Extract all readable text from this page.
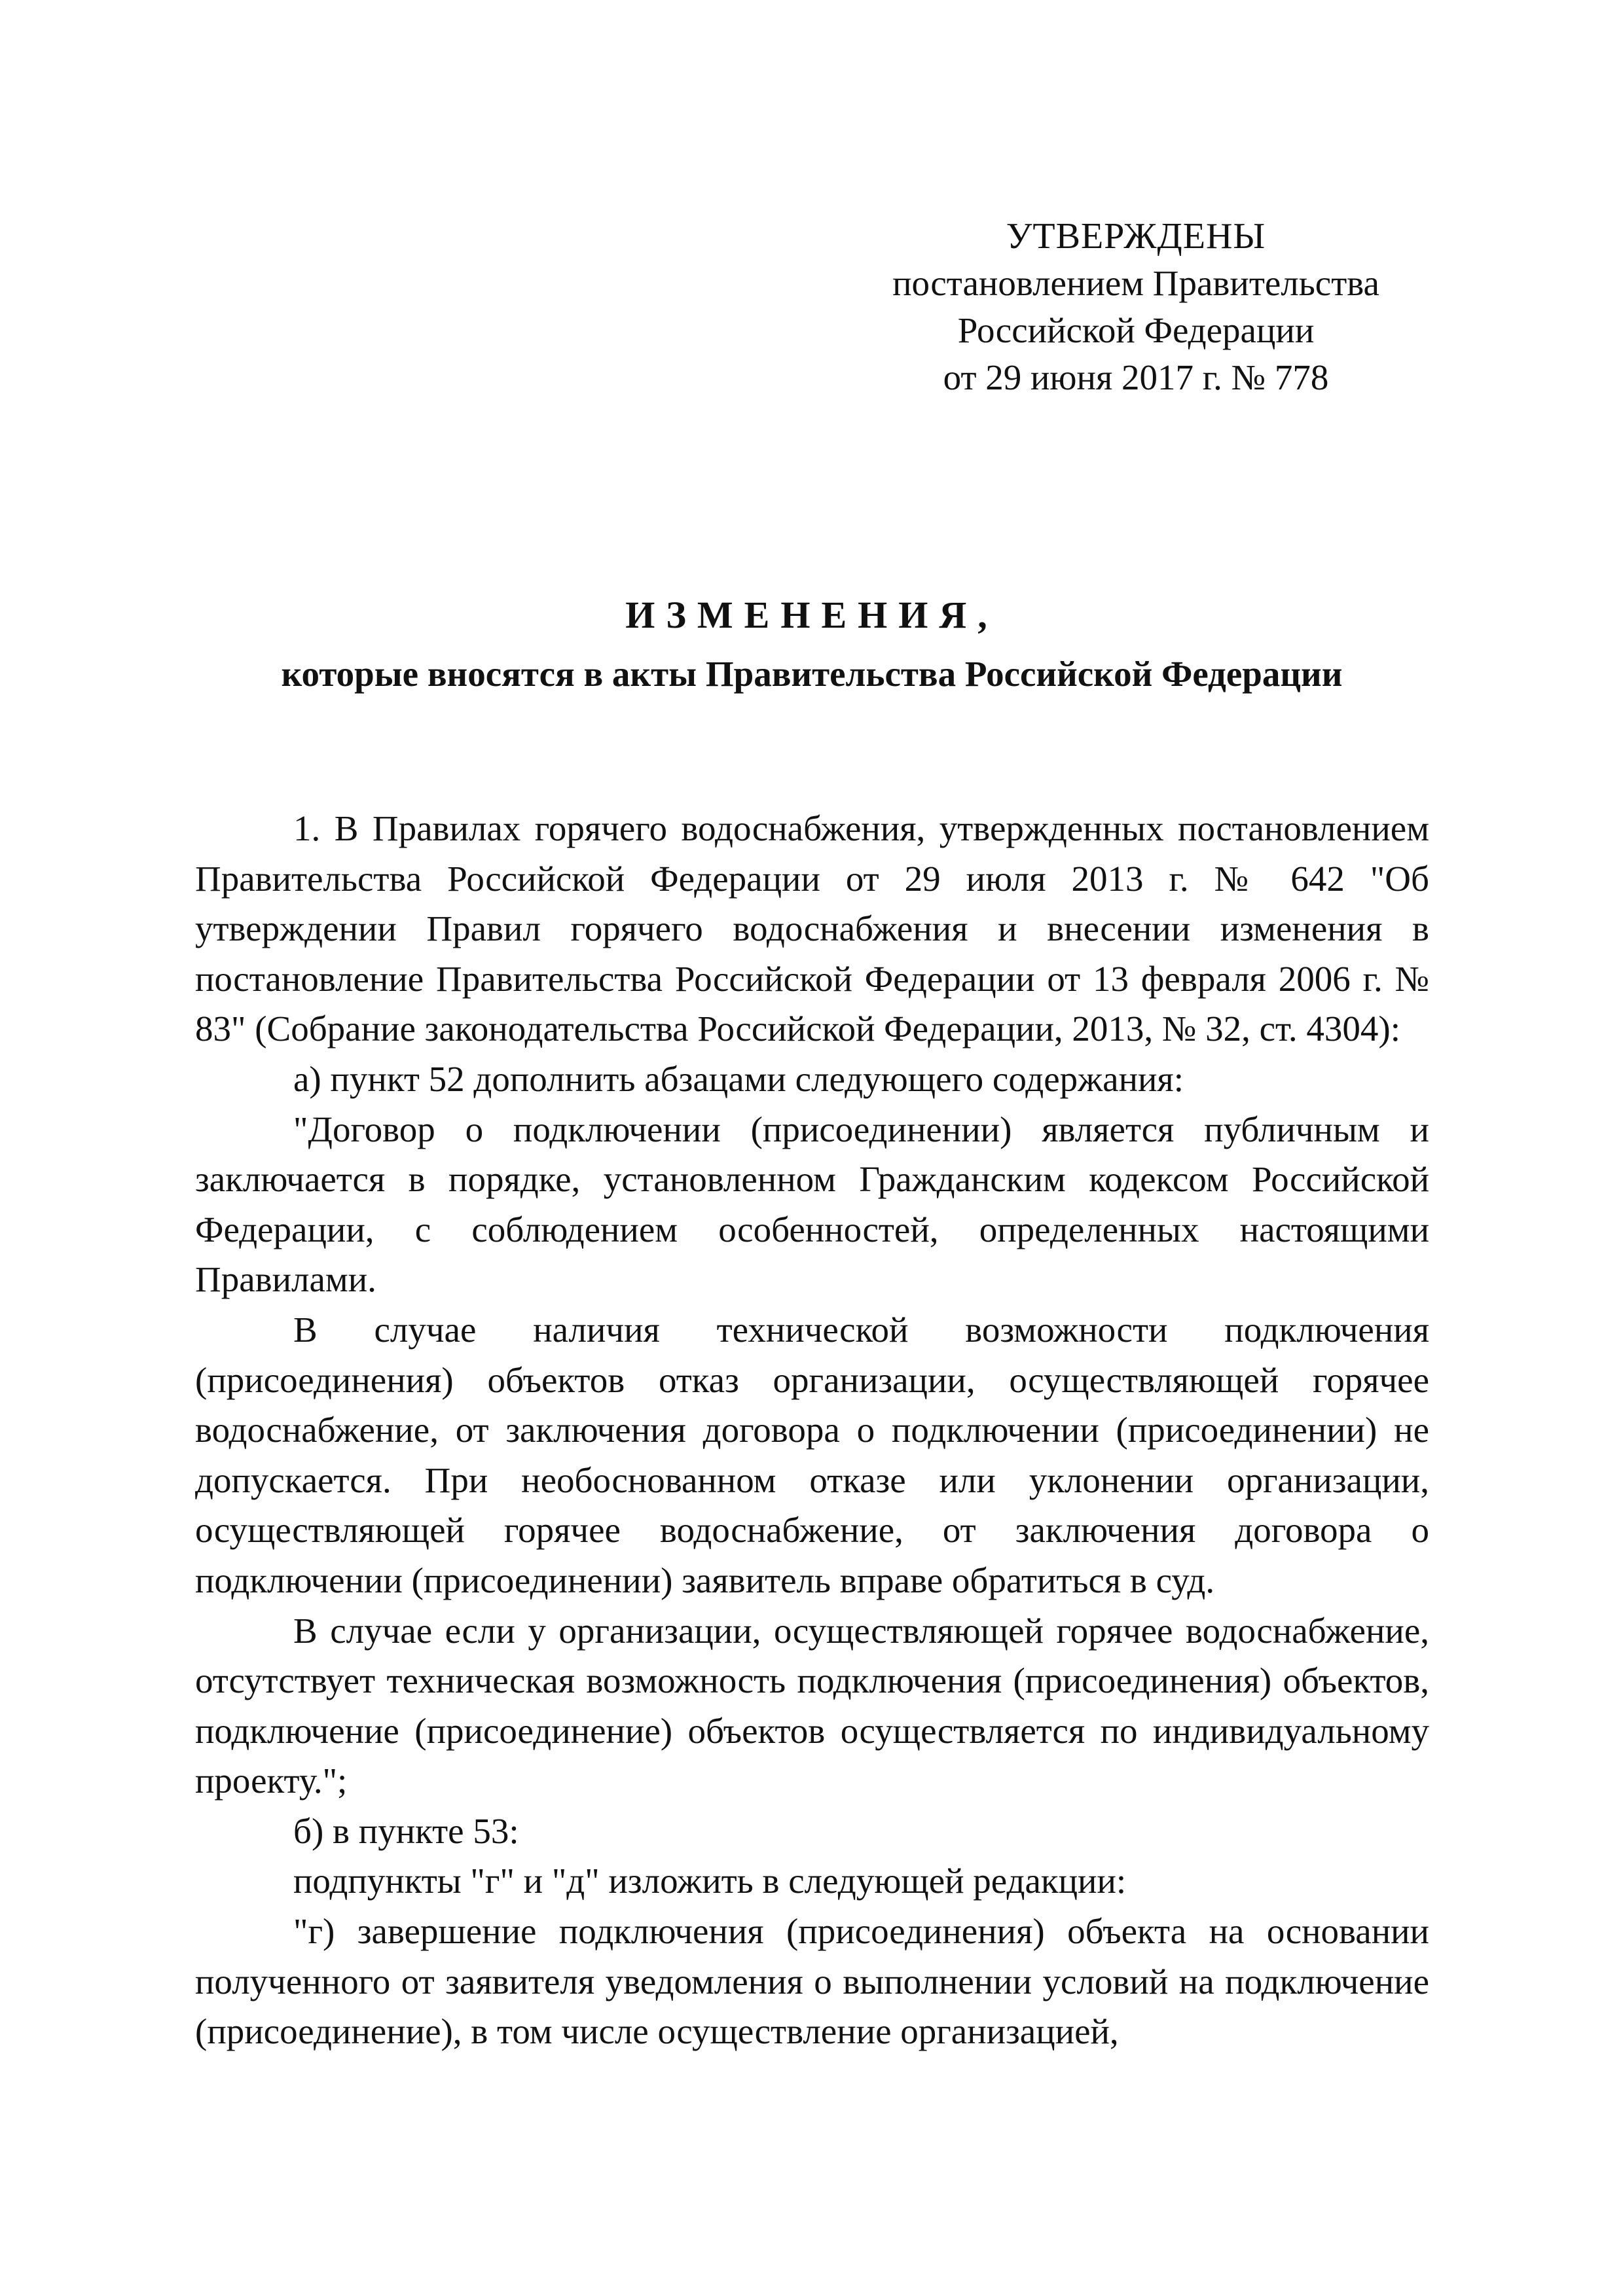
УТВЕРЖДЕНЫ
постановлением Правительства
Российской Федерации
от 29 июня 2017 г. № 778
ИЗМЕНЕНИЯ,
которые вносятся в акты Правительства Российской Федерации

1. В Правилах горячего водоснабжения, утвержденных постановлением Правительства Российской Федерации от 29 июля 2013 г. № 642 "Об утверждении Правил горячего водоснабжения и внесении изменения в постановление Правительства Российской Федерации от 13 февраля 2006 г. № 83" (Собрание законодательства Российской Федерации, 2013, № 32, ст. 4304):

а) пункт 52 дополнить абзацами следующего содержания:

"Договор о подключении (присоединении) является публичным и заключается в порядке, установленном Гражданским кодексом Российской Федерации, с соблюдением особенностей, определенных настоящими Правилами.

В случае наличия технической возможности подключения (присоединения) объектов отказ организации, осуществляющей горячее водоснабжение, от заключения договора о подключении (присоединении) не допускается. При необоснованном отказе или уклонении организации, осуществляющей горячее водоснабжение, от заключения договора о подключении (присоединении) заявитель вправе обратиться в суд.

В случае если у организации, осуществляющей горячее водоснабжение, отсутствует техническая возможность подключения (присоединения) объектов, подключение (присоединение) объектов осуществляется по индивидуальному проекту.";

б) в пункте 53:

подпункты "г" и "д" изложить в следующей редакции:

"г) завершение подключения (присоединения) объекта на основании полученного от заявителя уведомления о выполнении условий на подключение (присоединение), в том числе осуществление организацией,
